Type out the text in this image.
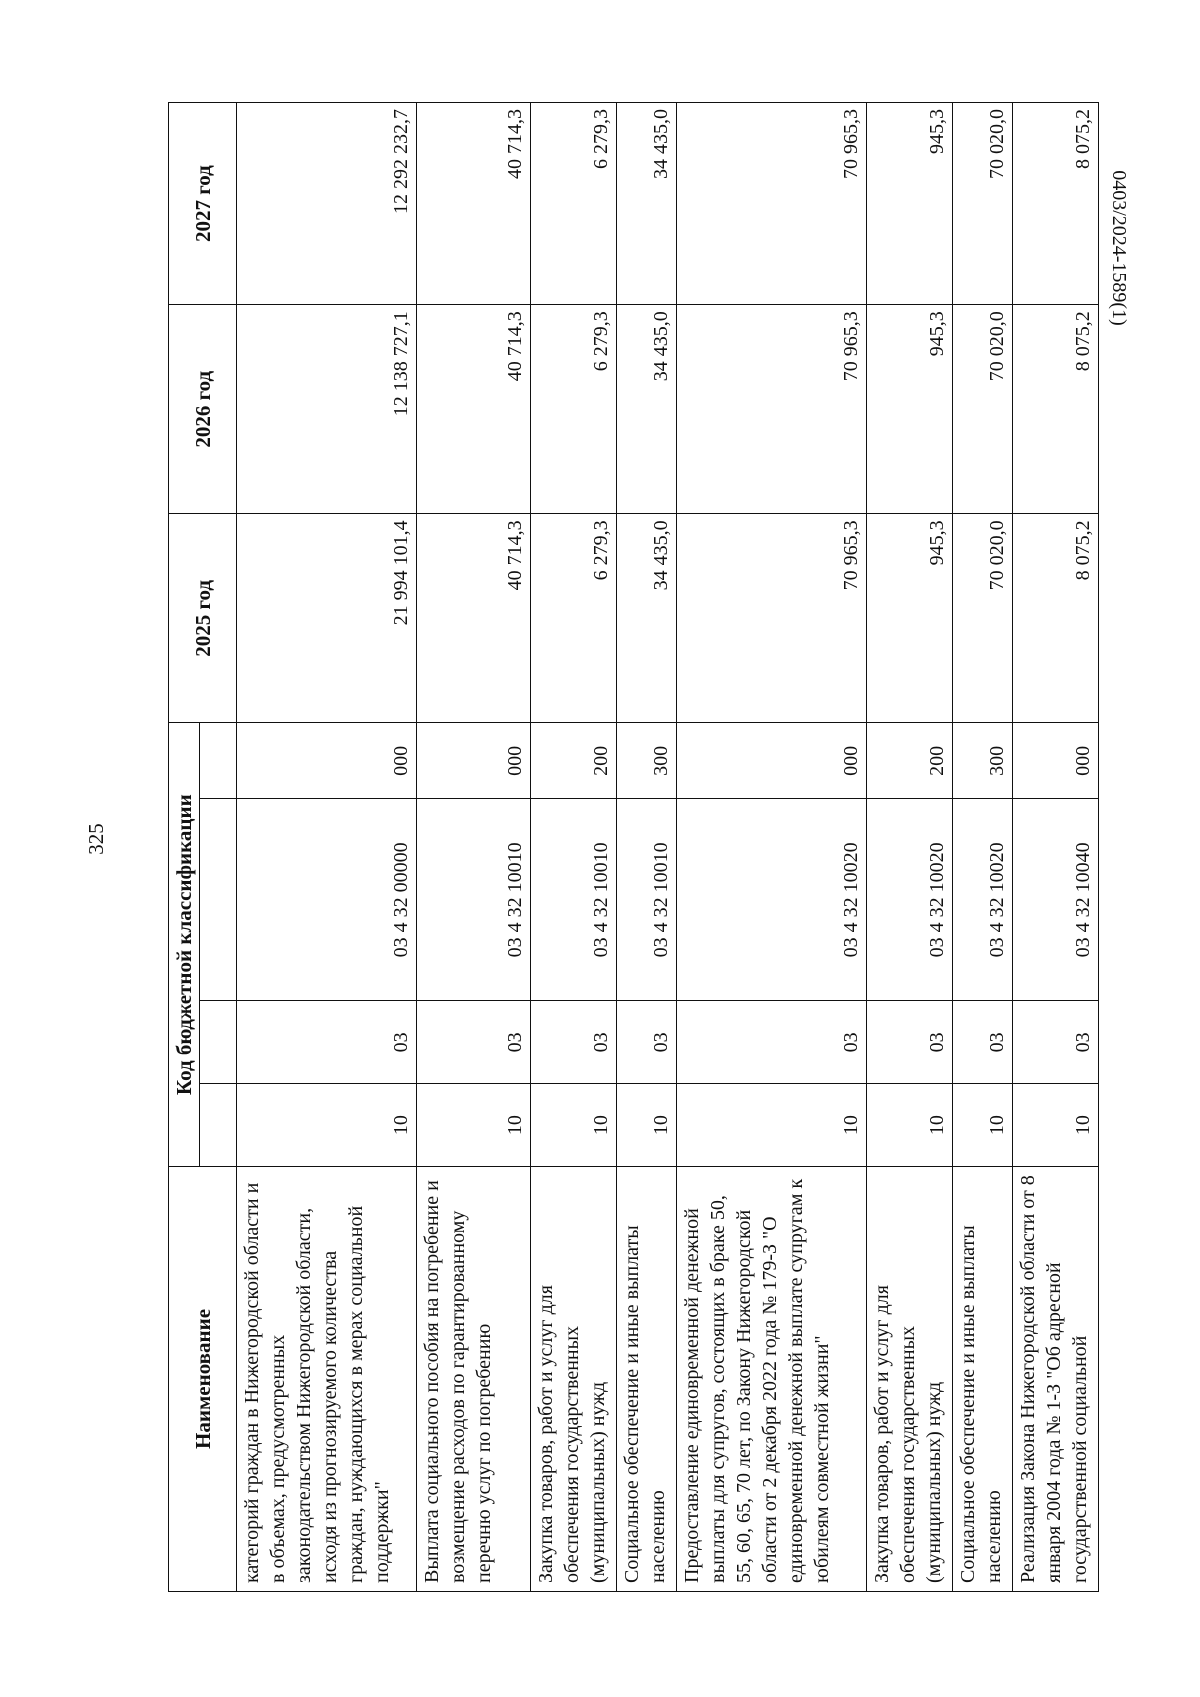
325
0403/2024-1589(1)
Наименование	Код бюджетной классификации				2025 год	2026 год	2027 год

категорий граждан в Нижегородской области и в объемах, предусмотренных законодательством Нижегородской области, исходя из прогнозируемого количества граждан, нуждающихся в мерах социальной поддержки"	10	03	03 4 32 00000	000	21 994 101,4	12 138 727,1	12 292 232,7
Выплата социального пособия на погребение и возмещение расходов по гарантированному перечню услуг по погребению	10	03	03 4 32 10010	000	40 714,3	40 714,3	40 714,3
Закупка товаров, работ и услуг для обеспечения государственных (муниципальных) нужд	10	03	03 4 32 10010	200	6 279,3	6 279,3	6 279,3
Социальное обеспечение и иные выплаты населению	10	03	03 4 32 10010	300	34 435,0	34 435,0	34 435,0
Предоставление единовременной денежной выплаты для супругов, состоящих в браке 50, 55, 60, 65, 70 лет, по Закону Нижегородской области от 2 декабря 2022 года № 179-З "О единовременной денежной выплате супругам к юбилеям совместной жизни"	10	03	03 4 32 10020	000	70 965,3	70 965,3	70 965,3
Закупка товаров, работ и услуг для обеспечения государственных (муниципальных) нужд	10	03	03 4 32 10020	200	945,3	945,3	945,3
Социальное обеспечение и иные выплаты населению	10	03	03 4 32 10020	300	70 020,0	70 020,0	70 020,0
Реализация Закона Нижегородской области от 8 января 2004 года № 1-З "Об адресной государственной социальной	10	03	03 4 32 10040	000	8 075,2	8 075,2	8 075,2
